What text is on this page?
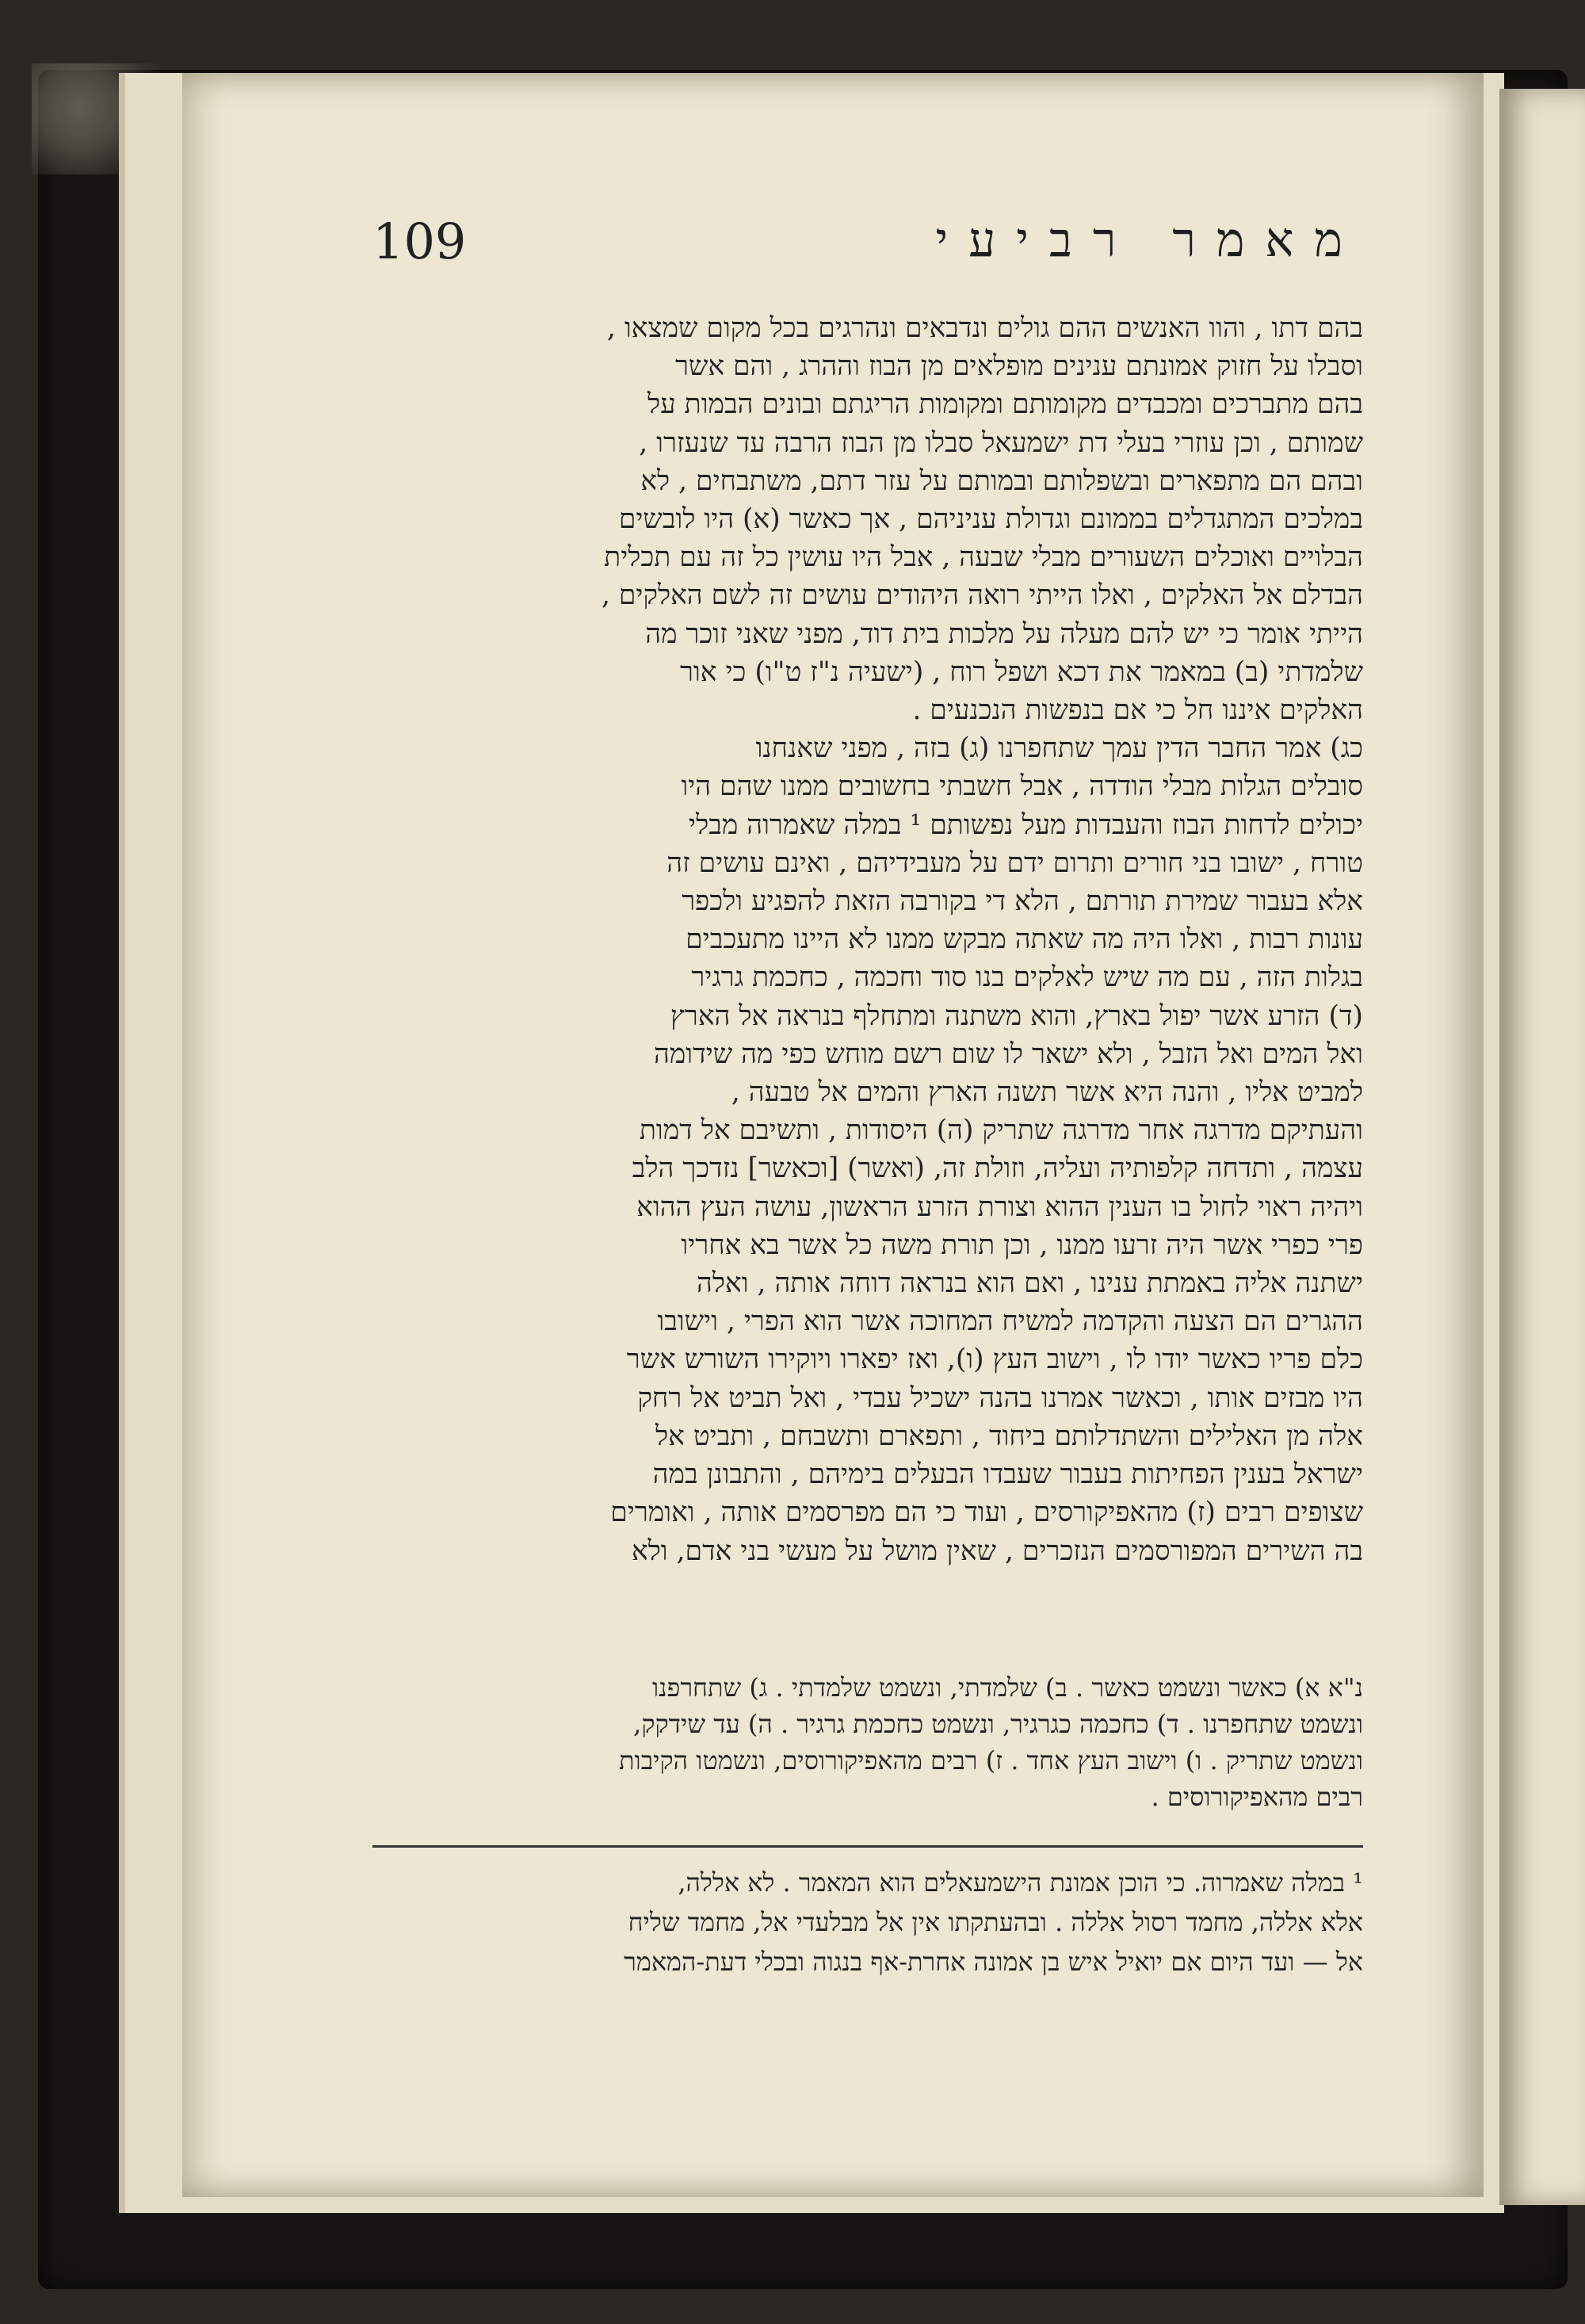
109	מאמר רביעי
בהם דתו , והוו האנשים ההם גולים ונדבאים ונהרגים בכל מקום שמצאו ,
וסבלו על חזוק אמונתם ענינים מופלאים מן הבוז וההרג , והם אשר
בהם מתברכים ומכבדים מקומותם ומקומות הריגתם ובונים הבמות על
שמותם , וכן עוזרי בעלי דת ישמעאל סבלו מן הבוז הרבה עד שנעזרו ,
ובהם הם מתפארים ובשפלותם ובמותם על עזר דתם, משתבחים , לא
במלכים המתגדלים בממונם וגדולת עניניהם , אך כאשר (א) היו לובשים
הבלויים ואוכלים השעורים מבלי שבעה , אבל היו עושין כל זה עם תכלית
הבדלם אל האלקים , ואלו הייתי רואה היהודים עושים זה לשם האלקים ,
הייתי אומר כי יש להם מעלה על מלכות בית דוד, מפני שאני זוכר מה
שלמדתי (ב) במאמר את דכא ושפל רוח , (ישעיה נ"ז ט"ו) כי אור
האלקים איננו חל כי אם בנפשות הנכנעים .
כג) אמר החבר הדין עמך שתחפרנו (ג) בזה , מפני שאנחנו
סובלים הגלות מבלי הודדה , אבל חשבתי בחשובים ממנו שהם היו
יכולים לדחות הבוז והעבדות מעל נפשותם ¹ במלה שאמרוה מבלי
טורח , ישובו בני חורים ותרום ידם על מעבידיהם , ואינם עושים זה
אלא בעבור שמירת תורתם , הלא די בקורבה הזאת להפגיע ולכפר
עונות רבות , ואלו היה מה שאתה מבקש ממנו לא היינו מתעכבים
בגלות הזה , עם מה שיש לאלקים בנו סוד וחכמה , כחכמת גרגיר
(ד) הזרע אשר יפול בארץ, והוא משתנה ומתחלף בנראה אל הארץ
ואל המים ואל הזבל , ולא ישאר לו שום רשם מוחש כפי מה שידומה
למביט אליו , והנה היא אשר תשנה הארץ והמים אל טבעה ,
והעתיקם מדרגה אחר מדרגה שתריק (ה) היסודות , ותשיבם אל דמות
עצמה , ותדחה קלפותיה ועליה, וזולת זה, (ואשר) [וכאשר] נזדכך הלב
ויהיה ראוי לחול בו הענין ההוא וצורת הזרע הראשון, עושה העץ ההוא
פרי כפרי אשר היה זרעו ממנו , וכן תורת משה כל אשר בא אחריו
ישתנה אליה באמתת ענינו , ואם הוא בנראה דוחה אותה , ואלה
ההגרים הם הצעה והקדמה למשיח המחוכה אשר הוא הפרי , וישובו
כלם פריו כאשר יודו לו , וישוב העץ (ו), ואז יפארו ויוקירו השורש אשר
היו מבזים אותו , וכאשר אמרנו בהנה ישכיל עבדי , ואל תביט אל רחק
אלה מן האלילים והשתדלותם ביחוד , ותפארם ותשבחם , ותביט אל
ישראל בענין הפחיתות בעבור שעבדו הבעלים בימיהם , והתבונן במה
שצופים רבים (ז) מהאפיקורסים , ועוד כי הם מפרסמים אותה , ואומרים
בה השירים המפורסמים הנזכרים , שאין מושל על מעשי בני אדם, ולא
נ"א א) כאשר ונשמט כאשר . ב) שלמדתי, ונשמט שלמדתי . ג) שתחרפנו
ונשמט שתחפרנו . ד) כחכמה כגרגיר, ונשמט כחכמת גרגיר . ה) עד שידקק,
ונשמט שתריק . ו) וישוב העץ אחד . ז) רבים מהאפיקורוסים, ונשמטו הקיבות
רבים מהאפיקורוסים .
¹ במלה שאמרוה. כי הוכן אמונת הישמעאלים הוא המאמר . לא אללה,
אלא אללה, מחמד רסול אללה . ובהעתקתו אין אל מבלעדי אל, מחמד שליח
אל — ועד היום אם יואיל איש בן אמונה אחרת-אף בנגוה ובכלי דעת-המאמר
